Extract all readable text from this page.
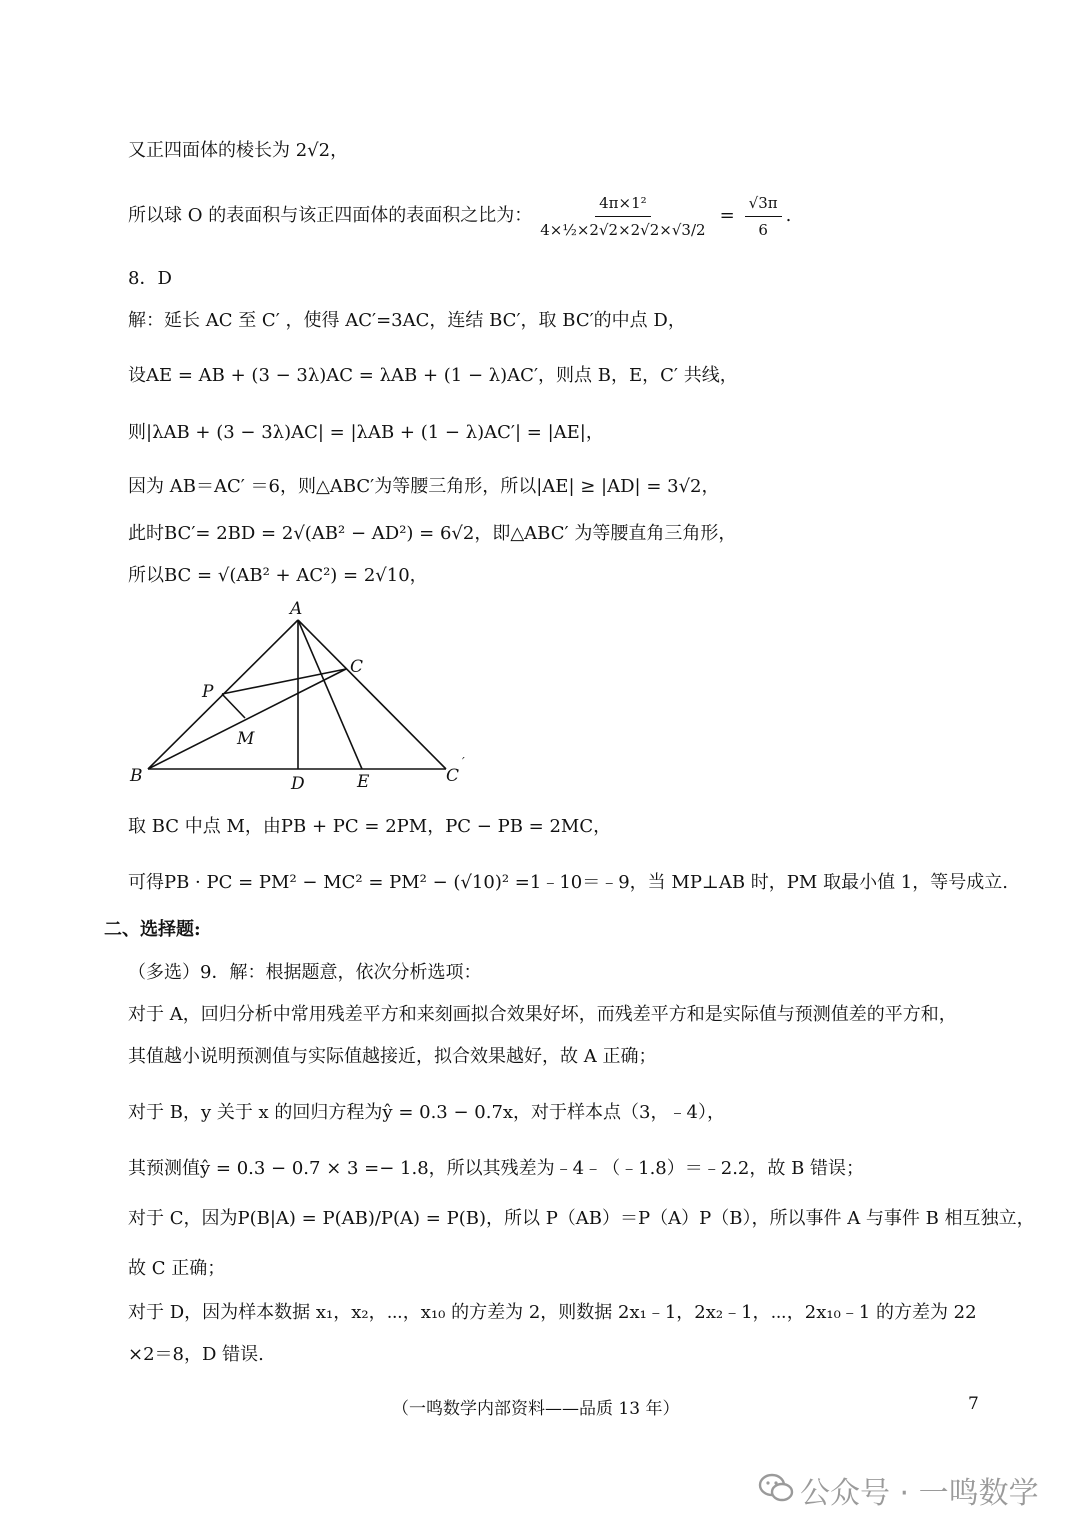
又正四面体的棱长为 2√2，
所以球 O 的表面积与该正四面体的表面积之比为： $\frac{\text{4π×1²}}{\text{4×½×2√2×2√2×√3/2}} = \frac{√3\pi}{6}$ .
8．D
解：延长 AC 至 C′ ，使得 AC′=3AC，连结 BC′，取 BC′的中点 D，
设AE = AB + (3 − 3λ)AC = λAB + (1 − λ)AC′，则点 B，E，C′ 共线，
则|λAB + (3 − 3λ)AC| = |λAB + (1 − λ)AC′| = |AE|，
因为 AB＝AC′ ＝6，则△ABC′为等腰三角形，所以|AE| ≥ |AD| = 3√2，
此时BC′= 2BD = 2√(AB² − AD²) = 6√2，即△ABC′ 为等腰直角三角形，
所以BC = √(AB² + AC²) = 2√10，
A
C
P
M
B	D	E	C
′
取 BC 中点 M，由PB + PC = 2PM，PC − PB = 2MC，
可得PB · PC = PM² − MC² = PM² − (√10)² =1﹣10＝﹣9，当 MP⊥AB 时，PM 取最小值 1，等号成立.
二、选择题:
（多选）9．解：根据题意，依次分析选项：
对于 A，回归分析中常用残差平方和来刻画拟合效果好坏，而残差平方和是实际值与预测值差的平方和，
其值越小说明预测值与实际值越接近，拟合效果越好，故 A 正确；
对于 B，y 关于 x 的回归方程为ŷ = 0.3 − 0.7x，对于样本点（3，﹣4），
其预测值ŷ = 0.3 − 0.7 × 3 =− 1.8，所以其残差为﹣4﹣（﹣1.8）＝﹣2.2，故 B 错误；
对于 C，因为P(B|A) = P(AB)/P(A) = P(B)，所以 P（AB）＝P（A）P（B），所以事件 A 与事件 B 相互独立，
故 C 正确；
对于 D，因为样本数据 x₁，x₂，⋯，x₁₀ 的方差为 2，则数据 2x₁﹣1，2x₂﹣1，⋯，2x₁₀﹣1 的方差为 22
×2＝8，D 错误.
（一鸣数学内部资料——品质 13 年）	7
公众号 · 一鸣数学
